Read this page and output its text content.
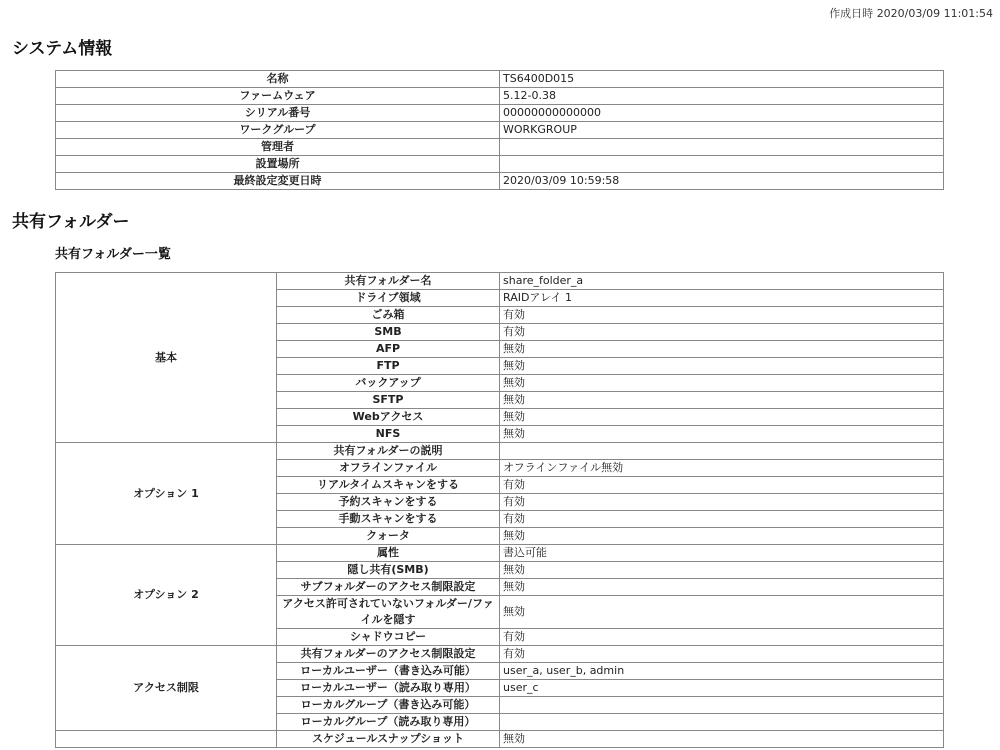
作成日時 2020/03/09 11:01:54
システム情報
名称	TS6400D015
ファームウェア	5.12-0.38
シリアル番号	00000000000000
ワークグループ	WORKGROUP
管理者	
設置場所	
最終設定変更日時	2020/03/09 10:59:58
共有フォルダー
共有フォルダー一覧
基本	共有フォルダー名	share_folder_a
	ドライブ領域	RAIDアレイ 1
	ごみ箱	有効
	SMB	有効
	AFP	無効
	FTP	無効
	バックアップ	無効
	SFTP	無効
	Webアクセス	無効
	NFS	無効
オプション 1	共有フォルダーの説明	
	オフラインファイル	オフラインファイル無効
	リアルタイムスキャンをする	有効
	予約スキャンをする	有効
	手動スキャンをする	有効
	クォータ	無効
オプション 2	属性	書込可能
	隠し共有(SMB)	無効
	サブフォルダーのアクセス制限設定	無効
	アクセス許可されていないフォルダー/ファイルを隠す	無効
	シャドウコピー	有効
アクセス制限	共有フォルダーのアクセス制限設定	有効
	ローカルユーザー（書き込み可能）	user_a, user_b, admin
	ローカルユーザー（読み取り専用）	user_c
	ローカルグループ（書き込み可能）	
	ローカルグループ（読み取り専用）	
	スケジュールスナップショット	無効
